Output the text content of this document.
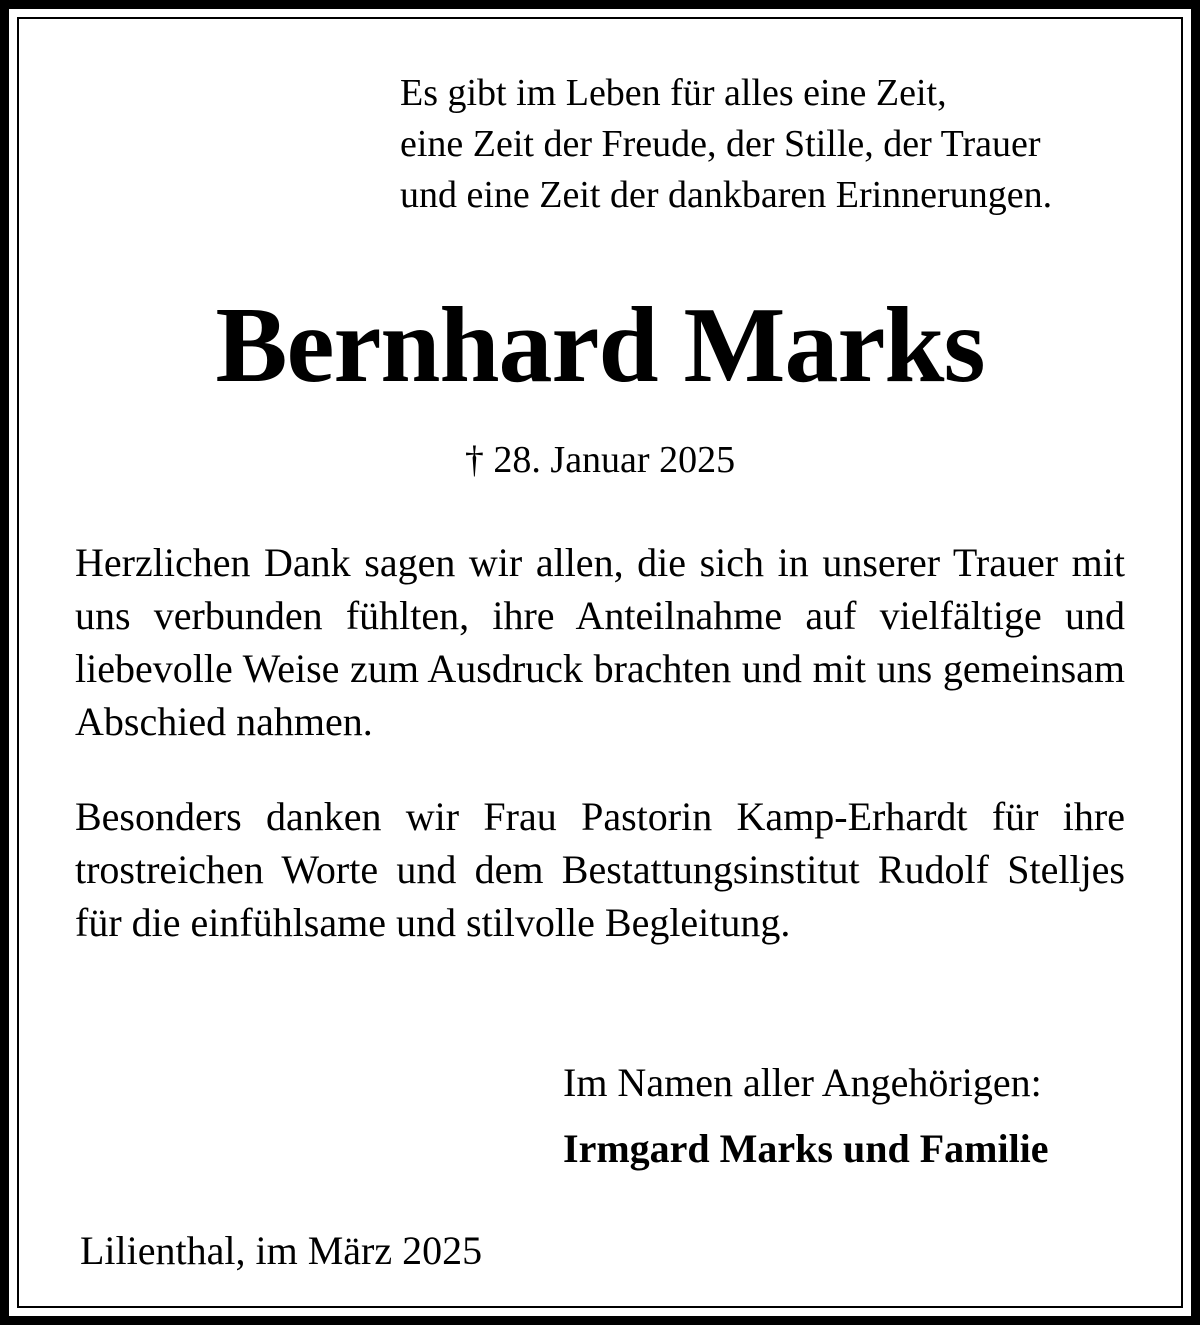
Es gibt im Leben für alles eine Zeit,
eine Zeit der Freude, der Stille, der Trauer
und eine Zeit der dankbaren Erinnerungen.
Bernhard Marks
† 28. Januar 2025
Herzlichen Dank sagen wir allen, die sich in unserer Trauer mit uns verbunden fühlten, ihre Anteilnahme auf vielfältige und liebevolle Weise zum Ausdruck brachten und mit uns gemeinsam Abschied nahmen.
Besonders danken wir Frau Pastorin Kamp-Erhardt für ihre trostreichen Worte und dem Bestattungsinstitut Rudolf Stelljes für die einfühlsame und stilvolle Begleitung.
Im Namen aller Angehörigen:
Irmgard Marks und Familie
Lilienthal, im März 2025
